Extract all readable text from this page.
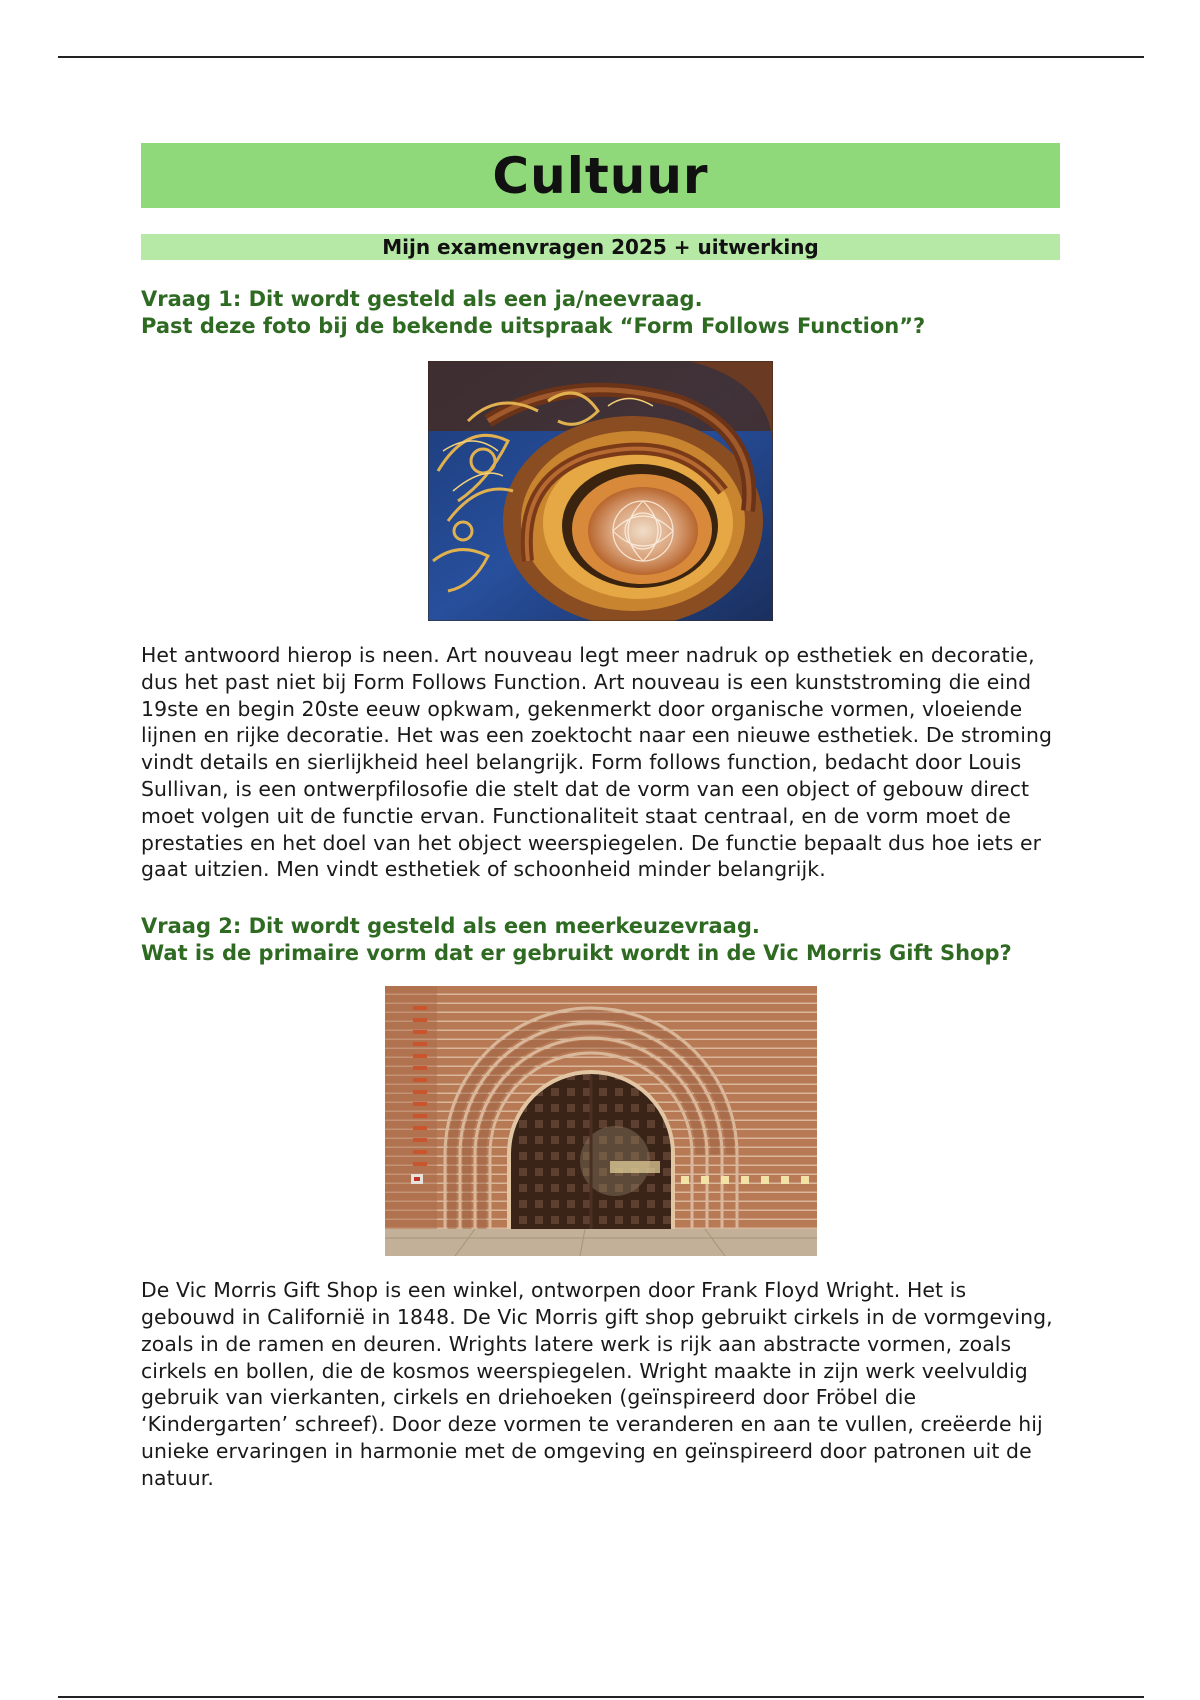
Cultuur
Mijn examenvragen 2025 + uitwerking

Vraag 1: Dit wordt gesteld als een ja/neevraag.
Past deze foto bij de bekende uitspraak “Form Follows Function”?

Het antwoord hierop is neen. Art nouveau legt meer nadruk op esthetiek en decoratie, dus het past niet bij Form Follows Function. Art nouveau is een kunststroming die eind 19ste en begin 20ste eeuw opkwam, gekenmerkt door organische vormen, vloeiende lijnen en rijke decoratie. Het was een zoektocht naar een nieuwe esthetiek. De stroming vindt details en sierlijkheid heel belangrijk. Form follows function, bedacht door Louis Sullivan, is een ontwerpfilosofie die stelt dat de vorm van een object of gebouw direct moet volgen uit de functie ervan. Functionaliteit staat centraal, en de vorm moet de prestaties en het doel van het object weerspiegelen. De functie bepaalt dus hoe iets er gaat uitzien. Men vindt esthetiek of schoonheid minder belangrijk.

Vraag 2: Dit wordt gesteld als een meerkeuzevraag.
Wat is de primaire vorm dat er gebruikt wordt in de Vic Morris Gift Shop?

De Vic Morris Gift Shop is een winkel, ontworpen door Frank Floyd Wright. Het is gebouwd in Californië in 1848. De Vic Morris gift shop gebruikt cirkels in de vormgeving, zoals in de ramen en deuren. Wrights latere werk is rijk aan abstracte vormen, zoals cirkels en bollen, die de kosmos weerspiegelen. Wright maakte in zijn werk veelvuldig gebruik van vierkanten, cirkels en driehoeken (geïnspireerd door Fröbel die ‘Kindergarten’ schreef). Door deze vormen te veranderen en aan te vullen, creëerde hij unieke ervaringen in harmonie met de omgeving en geïnspireerd door patronen uit de natuur.
